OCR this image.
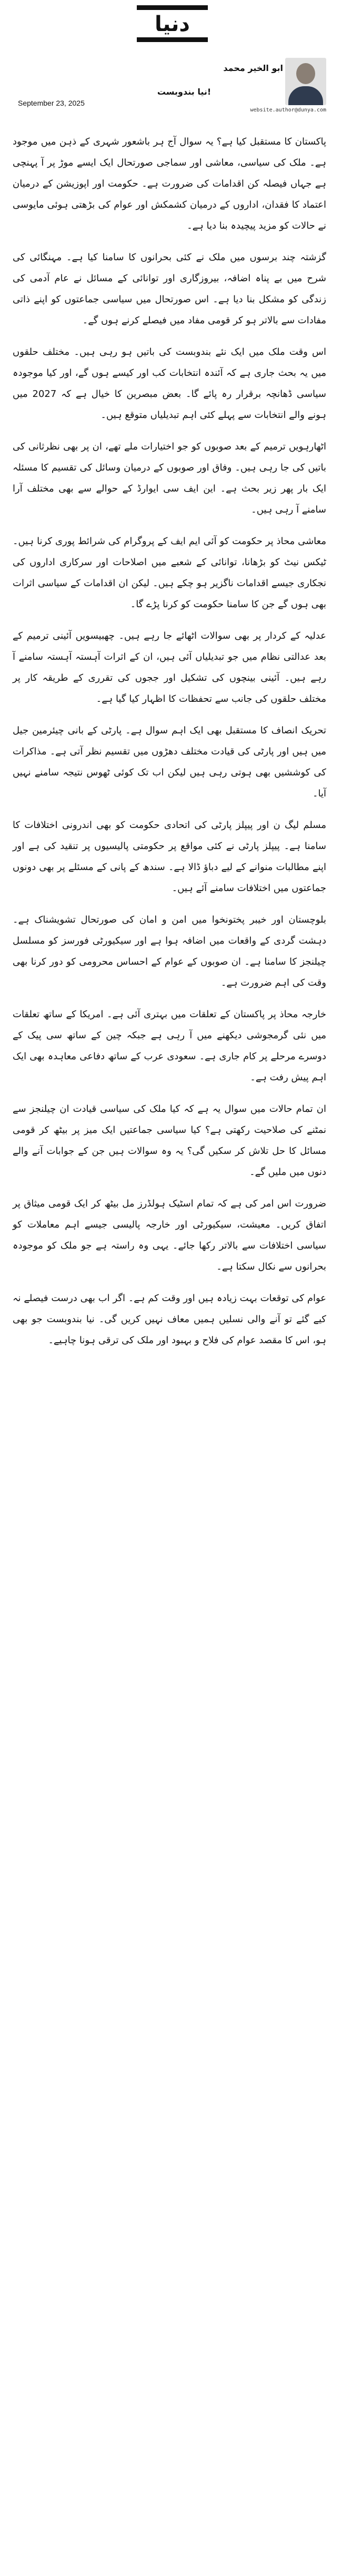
دنیا
ابو الخیر محمد
website.author@dunya.com
September 23, 2025
نیا بندوبست!

پاکستان کا مستقبل کیا ہے؟ یہ سوال آج ہر باشعور شہری کے ذہن میں موجود ہے۔ ملک کی سیاسی، معاشی اور سماجی صورتحال ایک ایسے موڑ پر آ پہنچی ہے جہاں فیصلہ کن اقدامات کی ضرورت ہے۔ حکومت اور اپوزیشن کے درمیان اعتماد کا فقدان، اداروں کے درمیان کشمکش اور عوام کی بڑھتی ہوئی مایوسی نے حالات کو مزید پیچیدہ بنا دیا ہے۔

گزشتہ چند برسوں میں ملک نے کئی بحرانوں کا سامنا کیا ہے۔ مہنگائی کی شرح میں بے پناہ اضافہ، بیروزگاری اور توانائی کے مسائل نے عام آدمی کی زندگی کو مشکل بنا دیا ہے۔ اس صورتحال میں سیاسی جماعتوں کو اپنے ذاتی مفادات سے بالاتر ہو کر قومی مفاد میں فیصلے کرنے ہوں گے۔

اس وقت ملک میں ایک نئے بندوبست کی باتیں ہو رہی ہیں۔ مختلف حلقوں میں یہ بحث جاری ہے کہ آئندہ انتخابات کب اور کیسے ہوں گے، اور کیا موجودہ سیاسی ڈھانچہ برقرار رہ پائے گا۔ بعض مبصرین کا خیال ہے کہ 2027 میں ہونے والے انتخابات سے پہلے کئی اہم تبدیلیاں متوقع ہیں۔

اٹھارہویں ترمیم کے بعد صوبوں کو جو اختیارات ملے تھے، ان پر بھی نظرثانی کی باتیں کی جا رہی ہیں۔ وفاق اور صوبوں کے درمیان وسائل کی تقسیم کا مسئلہ ایک بار پھر زیر بحث ہے۔ این ایف سی ایوارڈ کے حوالے سے بھی مختلف آرا سامنے آ رہی ہیں۔

معاشی محاذ پر حکومت کو آئی ایم ایف کے پروگرام کی شرائط پوری کرنا ہیں۔ ٹیکس نیٹ کو بڑھانا، توانائی کے شعبے میں اصلاحات اور سرکاری اداروں کی نجکاری جیسے اقدامات ناگزیر ہو چکے ہیں۔ لیکن ان اقدامات کے سیاسی اثرات بھی ہوں گے جن کا سامنا حکومت کو کرنا پڑے گا۔

عدلیہ کے کردار پر بھی سوالات اٹھائے جا رہے ہیں۔ چھبیسویں آئینی ترمیم کے بعد عدالتی نظام میں جو تبدیلیاں آئی ہیں، ان کے اثرات آہستہ آہستہ سامنے آ رہے ہیں۔ آئینی بینچوں کی تشکیل اور ججوں کی تقرری کے طریقہ کار پر مختلف حلقوں کی جانب سے تحفظات کا اظہار کیا گیا ہے۔

تحریک انصاف کا مستقبل بھی ایک اہم سوال ہے۔ پارٹی کے بانی چیئرمین جیل میں ہیں اور پارٹی کی قیادت مختلف دھڑوں میں تقسیم نظر آتی ہے۔ مذاکرات کی کوششیں بھی ہوتی رہی ہیں لیکن اب تک کوئی ٹھوس نتیجہ سامنے نہیں آیا۔

مسلم لیگ ن اور پیپلز پارٹی کی اتحادی حکومت کو بھی اندرونی اختلافات کا سامنا ہے۔ پیپلز پارٹی نے کئی مواقع پر حکومتی پالیسیوں پر تنقید کی ہے اور اپنے مطالبات منوانے کے لیے دباؤ ڈالا ہے۔ سندھ کے پانی کے مسئلے پر بھی دونوں جماعتوں میں اختلافات سامنے آئے ہیں۔

بلوچستان اور خیبر پختونخوا میں امن و امان کی صورتحال تشویشناک ہے۔ دہشت گردی کے واقعات میں اضافہ ہوا ہے اور سیکیورٹی فورسز کو مسلسل چیلنجز کا سامنا ہے۔ ان صوبوں کے عوام کے احساس محرومی کو دور کرنا بھی وقت کی اہم ضرورت ہے۔

خارجہ محاذ پر پاکستان کے تعلقات میں بہتری آئی ہے۔ امریکا کے ساتھ تعلقات میں نئی گرمجوشی دیکھنے میں آ رہی ہے جبکہ چین کے ساتھ سی پیک کے دوسرے مرحلے پر کام جاری ہے۔ سعودی عرب کے ساتھ دفاعی معاہدہ بھی ایک اہم پیش رفت ہے۔

ان تمام حالات میں سوال یہ ہے کہ کیا ملک کی سیاسی قیادت ان چیلنجز سے نمٹنے کی صلاحیت رکھتی ہے؟ کیا سیاسی جماعتیں ایک میز پر بیٹھ کر قومی مسائل کا حل تلاش کر سکیں گی؟ یہ وہ سوالات ہیں جن کے جوابات آنے والے دنوں میں ملیں گے۔

ضرورت اس امر کی ہے کہ تمام اسٹیک ہولڈرز مل بیٹھ کر ایک قومی میثاق پر اتفاق کریں۔ معیشت، سیکیورٹی اور خارجہ پالیسی جیسے اہم معاملات کو سیاسی اختلافات سے بالاتر رکھا جائے۔ یہی وہ راستہ ہے جو ملک کو موجودہ بحرانوں سے نکال سکتا ہے۔

عوام کی توقعات بہت زیادہ ہیں اور وقت کم ہے۔ اگر اب بھی درست فیصلے نہ کیے گئے تو آنے والی نسلیں ہمیں معاف نہیں کریں گی۔ نیا بندوبست جو بھی ہو، اس کا مقصد عوام کی فلاح و بہبود اور ملک کی ترقی ہونا چاہیے۔
